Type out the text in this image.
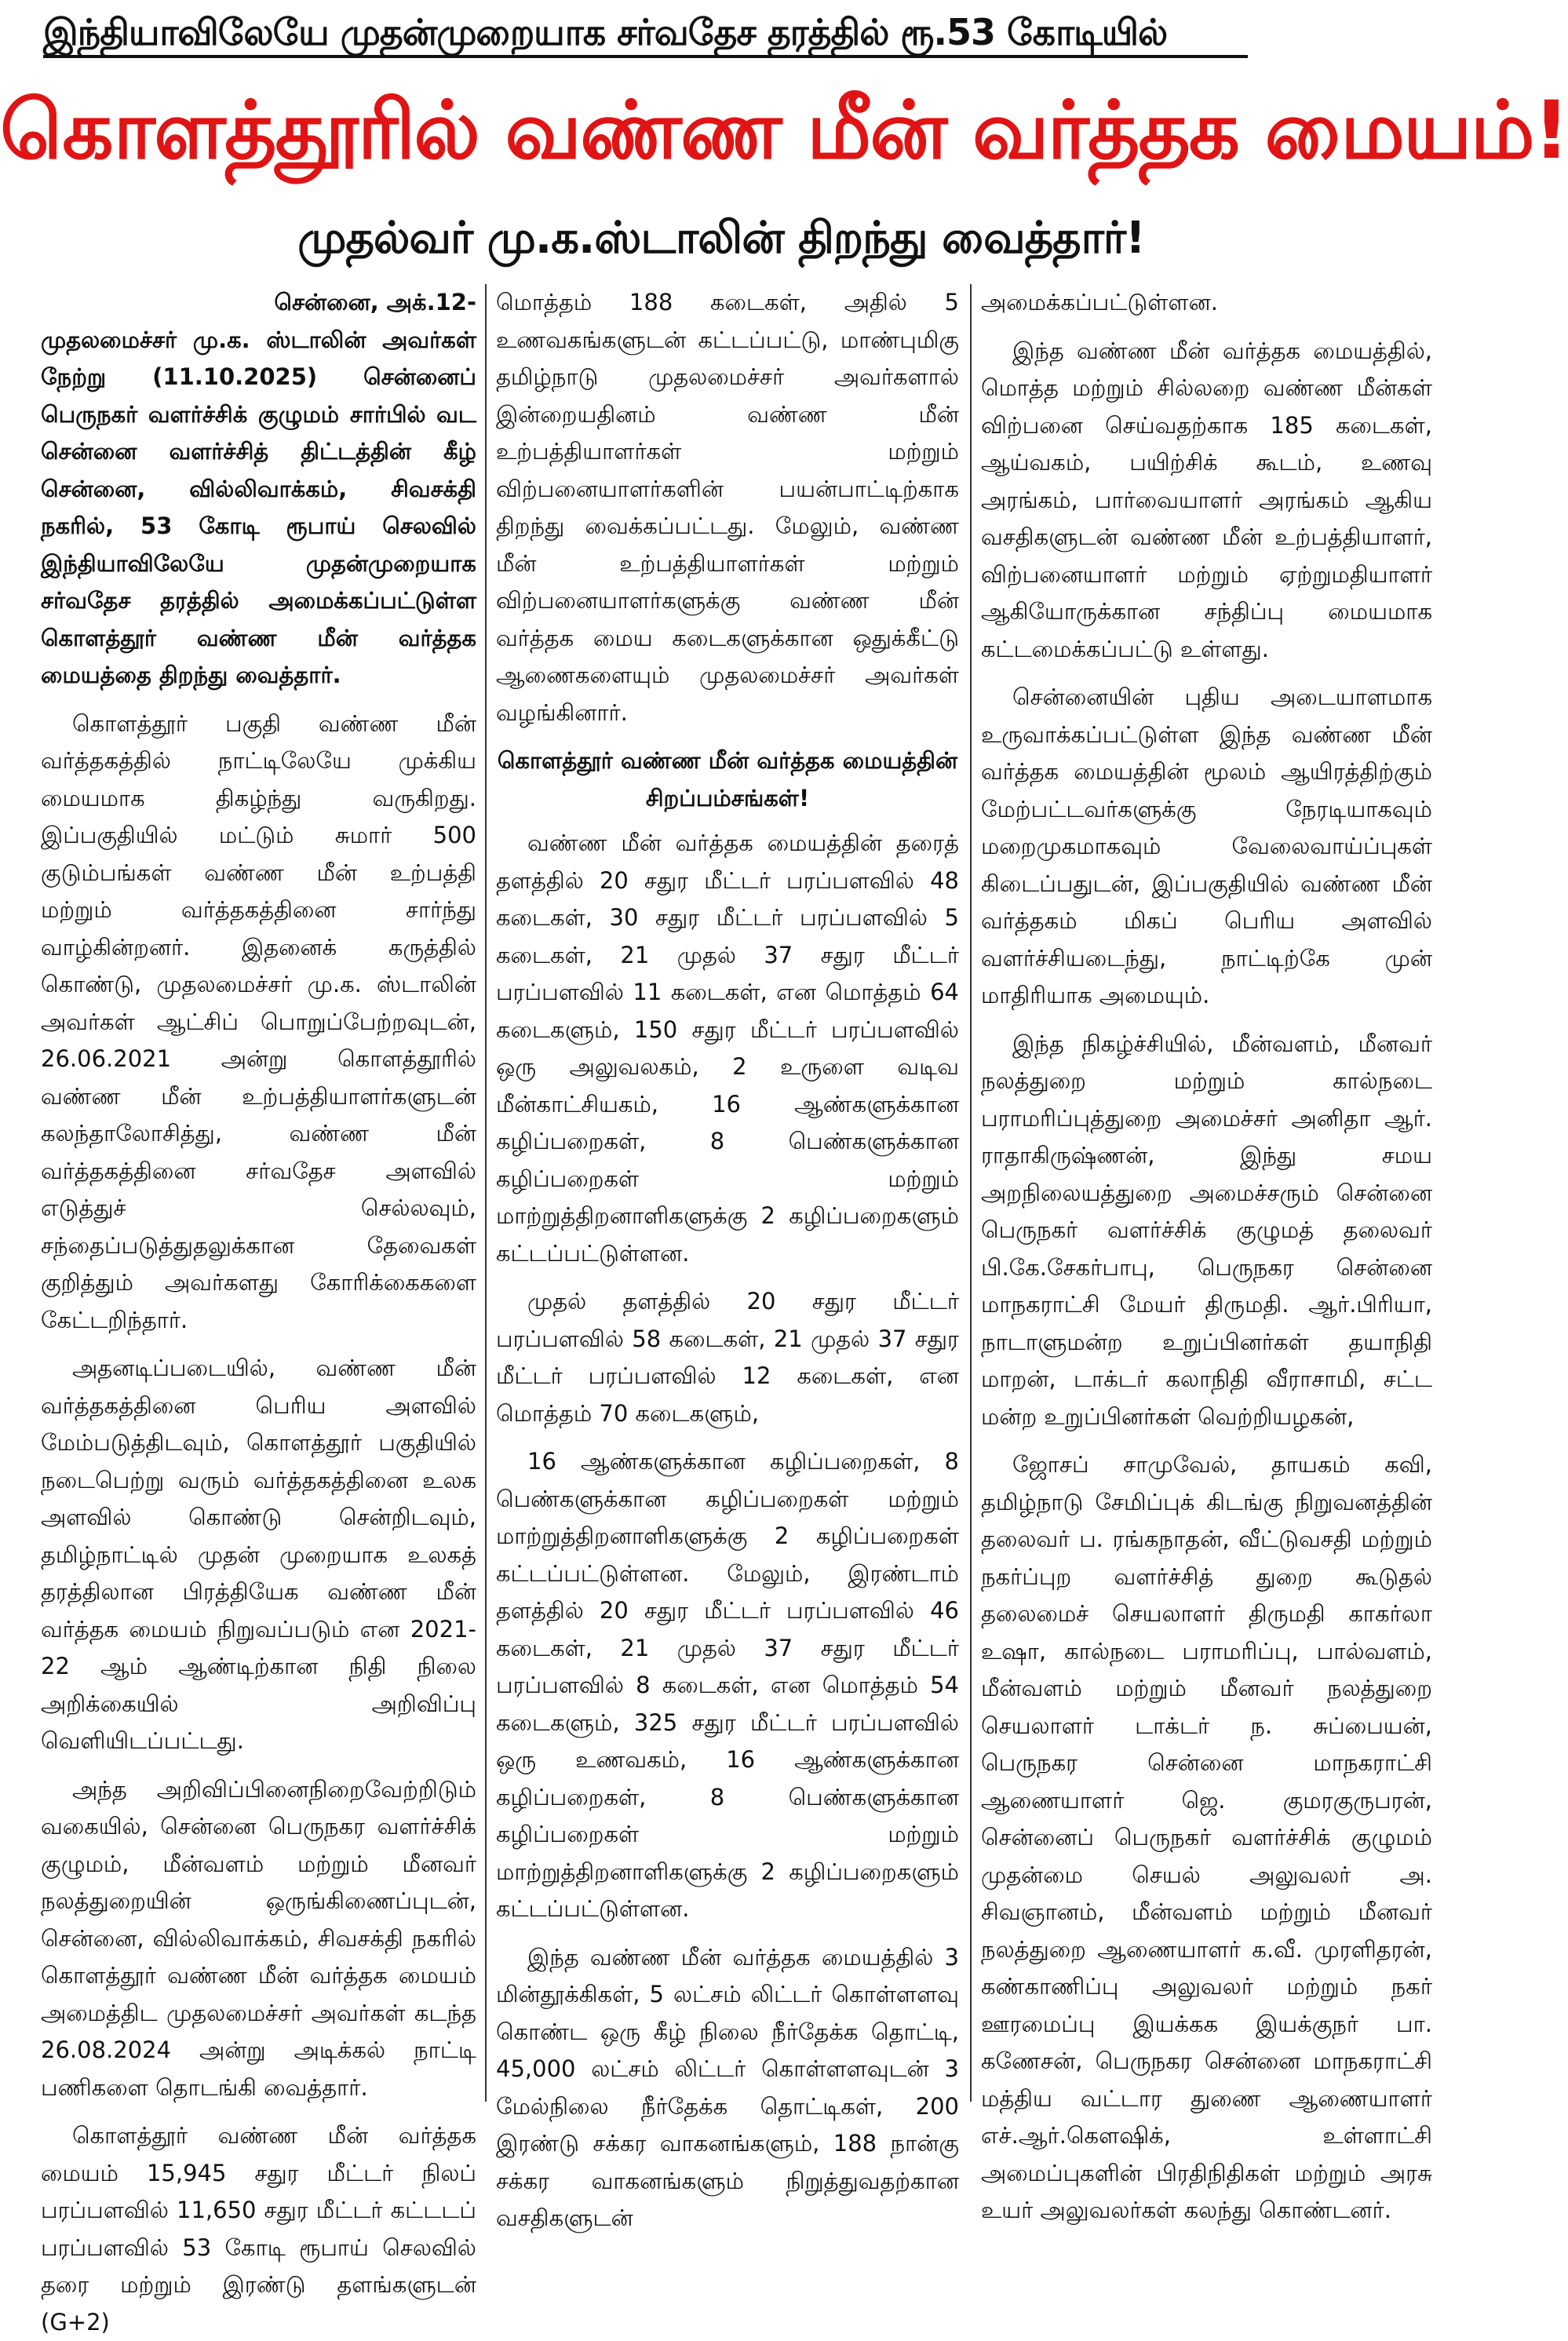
இந்தியாவிலேயே முதன்முறையாக சர்வதேச தரத்தில் ரூ.53 கோடியில்
கொளத்தூரில் வண்ண மீன் வர்த்தக மையம்!
முதல்வர் மு.க.ஸ்டாலின் திறந்து வைத்தார்!

சென்னை, அக்.12-

முதலமைச்சர் மு.க. ஸ்டாலின் அவர்கள் நேற்று (11.10.2025) சென்னைப் பெருநகர் வளர்ச்சிக் குழுமம் சார்பில் வட சென்னை வளர்ச்சித் திட்டத்தின் கீழ் சென்னை, வில்லிவாக்கம், சிவசக்தி நகரில், 53 கோடி ரூபாய் செலவில் இந்தியாவிலேயே முதன்முறையாக சர்வதேச தரத்தில் அமைக்கப்பட்டுள்ள கொளத்தூர் வண்ண மீன் வர்த்தக மையத்தை திறந்து வைத்தார்.

கொளத்தூர் பகுதி வண்ண மீன் வர்த்தகத்தில் நாட்டிலேயே முக்கிய மையமாக திகழ்ந்து வருகிறது. இப்பகுதியில் மட்டும் சுமார் 500 குடும்பங்கள் வண்ண மீன் உற்பத்தி மற்றும் வர்த்தகத்தினை சார்ந்து வாழ்கின்றனர். இதனைக் கருத்தில் கொண்டு, முதலமைச்சர் மு.க. ஸ்டாலின் அவர்கள் ஆட்சிப் பொறுப்பேற்றவுடன், 26.06.2021 அன்று கொளத்தூரில் வண்ண மீன் உற்பத்தியாளர்களுடன் கலந்தாலோசித்து, வண்ண மீன் வர்த்தகத்தினை சர்வதேச அளவில் எடுத்துச் செல்லவும், சந்தைப்படுத்துதலுக்கான தேவைகள் குறித்தும் அவர்களது கோரிக்கைகளை கேட்டறிந்தார்.

அதனடிப்படையில், வண்ண மீன் வர்த்தகத்தினை பெரிய அளவில் மேம்படுத்திடவும், கொளத்தூர் பகுதியில் நடைபெற்று வரும் வர்த்தகத்தினை உலக அளவில் கொண்டு சென்றிடவும், தமிழ்நாட்டில் முதன் முறையாக உலகத் தரத்திலான பிரத்தியேக வண்ண மீன் வர்த்தக மையம் நிறுவப்படும் என 2021-22 ஆம் ஆண்டிற்கான நிதி நிலை அறிக்கையில் அறிவிப்பு வெளியிடப்பட்டது.

அந்த அறிவிப்பினைநிறைவேற்றிடும் வகையில், சென்னை பெருநகர வளர்ச்சிக் குழுமம், மீன்வளம் மற்றும் மீனவர் நலத்துறையின் ஒருங்கிணைப்புடன், சென்னை, வில்லிவாக்கம், சிவசக்தி நகரில் கொளத்தூர் வண்ண மீன் வர்த்தக மையம் அமைத்திட முதலமைச்சர் அவர்கள் கடந்த 26.08.2024 அன்று அடிக்கல் நாட்டி பணிகளை தொடங்கி வைத்தார்.

கொளத்தூர் வண்ண மீன் வர்த்தக மையம் 15,945 சதுர மீட்டர் நிலப் பரப்பளவில் 11,650 சதுர மீட்டர் கட்டடப் பரப்பளவில் 53 கோடி ரூபாய் செலவில் தரை மற்றும் இரண்டு தளங்களுடன் (G+2)

மொத்தம் 188 கடைகள், அதில் 5 உணவகங்களுடன் கட்டப்பட்டு, மாண்புமிகு தமிழ்நாடு முதலமைச்சர் அவர்களால் இன்றையதினம் வண்ண மீன் உற்பத்தியாளர்கள் மற்றும் விற்பனையாளர்களின் பயன்பாட்டிற்காக திறந்து வைக்கப்பட்டது. மேலும், வண்ண மீன் உற்பத்தியாளர்கள் மற்றும் விற்பனையாளர்களுக்கு வண்ண மீன் வர்த்தக மைய கடைகளுக்கான ஒதுக்கீட்டு ஆணைகளையும் முதலமைச்சர் அவர்கள் வழங்கினார்.

கொளத்தூர் வண்ண மீன் வர்த்தக மையத்தின் சிறப்பம்சங்கள்!

வண்ண மீன் வர்த்தக மையத்தின் தரைத் தளத்தில் 20 சதுர மீட்டர் பரப்பளவில் 48 கடைகள், 30 சதுர மீட்டர் பரப்பளவில் 5 கடைகள், 21 முதல் 37 சதுர மீட்டர் பரப்பளவில் 11 கடைகள், என மொத்தம் 64 கடைகளும், 150 சதுர மீட்டர் பரப்பளவில் ஒரு அலுவலகம், 2 உருளை வடிவ மீன்காட்சியகம், 16 ஆண்களுக்கான கழிப்பறைகள், 8 பெண்களுக்கான கழிப்பறைகள் மற்றும் மாற்றுத்திறனாளிகளுக்கு 2 கழிப்பறைகளும் கட்டப்பட்டுள்ளன.

முதல் தளத்தில் 20 சதுர மீட்டர் பரப்பளவில் 58 கடைகள், 21 முதல் 37 சதுர மீட்டர் பரப்பளவில் 12 கடைகள், என மொத்தம் 70 கடைகளும்,

16 ஆண்களுக்கான கழிப்பறைகள், 8 பெண்களுக்கான கழிப்பறைகள் மற்றும் மாற்றுத்திறனாளிகளுக்கு 2 கழிப்பறைகள் கட்டப்பட்டுள்ளன. மேலும், இரண்டாம் தளத்தில் 20 சதுர மீட்டர் பரப்பளவில் 46 கடைகள், 21 முதல் 37 சதுர மீட்டர் பரப்பளவில் 8 கடைகள், என மொத்தம் 54 கடைகளும், 325 சதுர மீட்டர் பரப்பளவில் ஒரு உணவகம், 16 ஆண்களுக்கான கழிப்பறைகள், 8 பெண்களுக்கான கழிப்பறைகள் மற்றும் மாற்றுத்திறனாளிகளுக்கு 2 கழிப்பறைகளும் கட்டப்பட்டுள்ளன.

இந்த வண்ண மீன் வர்த்தக மையத்தில் 3 மின்தூக்கிகள், 5 லட்சம் லிட்டர் கொள்ளளவு கொண்ட ஒரு கீழ் நிலை நீர்தேக்க தொட்டி, 45,000 லட்சம் லிட்டர் கொள்ளளவுடன் 3 மேல்நிலை நீர்தேக்க தொட்டிகள், 200 இரண்டு சக்கர வாகனங்களும், 188 நான்கு சக்கர வாகனங்களும் நிறுத்துவதற்கான வசதிகளுடன்

அமைக்கப்பட்டுள்ளன.

இந்த வண்ண மீன் வர்த்தக மையத்தில், மொத்த மற்றும் சில்லறை வண்ண மீன்கள் விற்பனை செய்வதற்காக 185 கடைகள், ஆய்வகம், பயிற்சிக் கூடம், உணவு அரங்கம், பார்வையாளர் அரங்கம் ஆகிய வசதிகளுடன் வண்ண மீன் உற்பத்தியாளர், விற்பனையாளர் மற்றும் ஏற்றுமதியாளர் ஆகியோருக்கான சந்திப்பு மையமாக கட்டமைக்கப்பட்டு உள்ளது.

சென்னையின் புதிய அடையாளமாக உருவாக்கப்பட்டுள்ள இந்த வண்ண மீன் வர்த்தக மையத்தின் மூலம் ஆயிரத்திற்கும் மேற்பட்டவர்களுக்கு நேரடியாகவும் மறைமுகமாகவும் வேலைவாய்ப்புகள் கிடைப்பதுடன், இப்பகுதியில் வண்ண மீன் வர்த்தகம் மிகப் பெரிய அளவில் வளர்ச்சியடைந்து, நாட்டிற்கே முன் மாதிரியாக அமையும்.

இந்த நிகழ்ச்சியில், மீன்வளம், மீனவர் நலத்துறை மற்றும் கால்நடை பராமரிப்புத்துறை அமைச்சர் அனிதா ஆர். ராதாகிருஷ்ணன், இந்து சமய அறநிலையத்துறை அமைச்சரும் சென்னை பெருநகர் வளர்ச்சிக் குழுமத் தலைவர் பி.கே.சேகர்பாபு, பெருநகர சென்னை மாநகராட்சி மேயர் திருமதி. ஆர்.பிரியா, நாடாளுமன்ற உறுப்பினர்கள் தயாநிதி மாறன், டாக்டர் கலாநிதி வீராசாமி, சட்ட மன்ற உறுப்பினர்கள் வெற்றியழகன்,

ஜோசப் சாமுவேல், தாயகம் கவி, தமிழ்நாடு சேமிப்புக் கிடங்கு நிறுவனத்தின் தலைவர் ப. ரங்கநாதன், வீட்டுவசதி மற்றும் நகர்ப்புற வளர்ச்சித் துறை கூடுதல் தலைமைச் செயலாளர் திருமதி காகர்லா உஷா, கால்நடை பராமரிப்பு, பால்வளம், மீன்வளம் மற்றும் மீனவர் நலத்துறை செயலாளர் டாக்டர் ந. சுப்பையன், பெருநகர சென்னை மாநகராட்சி ஆணையாளர் ஜெ. குமரகுருபரன், சென்னைப் பெருநகர் வளர்ச்சிக் குழுமம் முதன்மை செயல் அலுவலர் அ. சிவஞானம், மீன்வளம் மற்றும் மீனவர் நலத்துறை ஆணையாளர் க.வீ. முரளிதரன், கண்காணிப்பு அலுவலர் மற்றும் நகர் ஊரமைப்பு இயக்கக இயக்குநர் பா. கணேசன், பெருநகர சென்னை மாநகராட்சி மத்திய வட்டார துணை ஆணையாளர் எச்.ஆர்.கௌஷிக், உள்ளாட்சி அமைப்புகளின் பிரதிநிதிகள் மற்றும் அரசு உயர் அலுவலர்கள் கலந்து கொண்டனர்.
